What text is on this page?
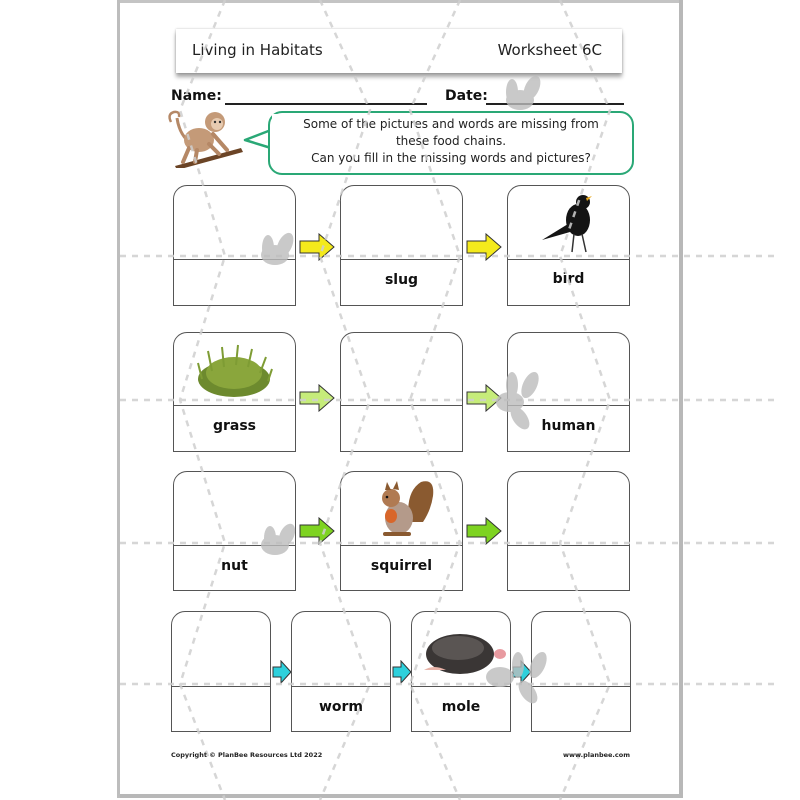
Living in Habitats	Worksheet 6C
Name:	Date:
Some of the pictures and words are missing from
these food chains.
Can you fill in the missing words and pictures?
slug	bird
grass	human
nut	squirrel
worm	mole
Copyright © PlanBee Resources Ltd 2022	www.planbee.com
